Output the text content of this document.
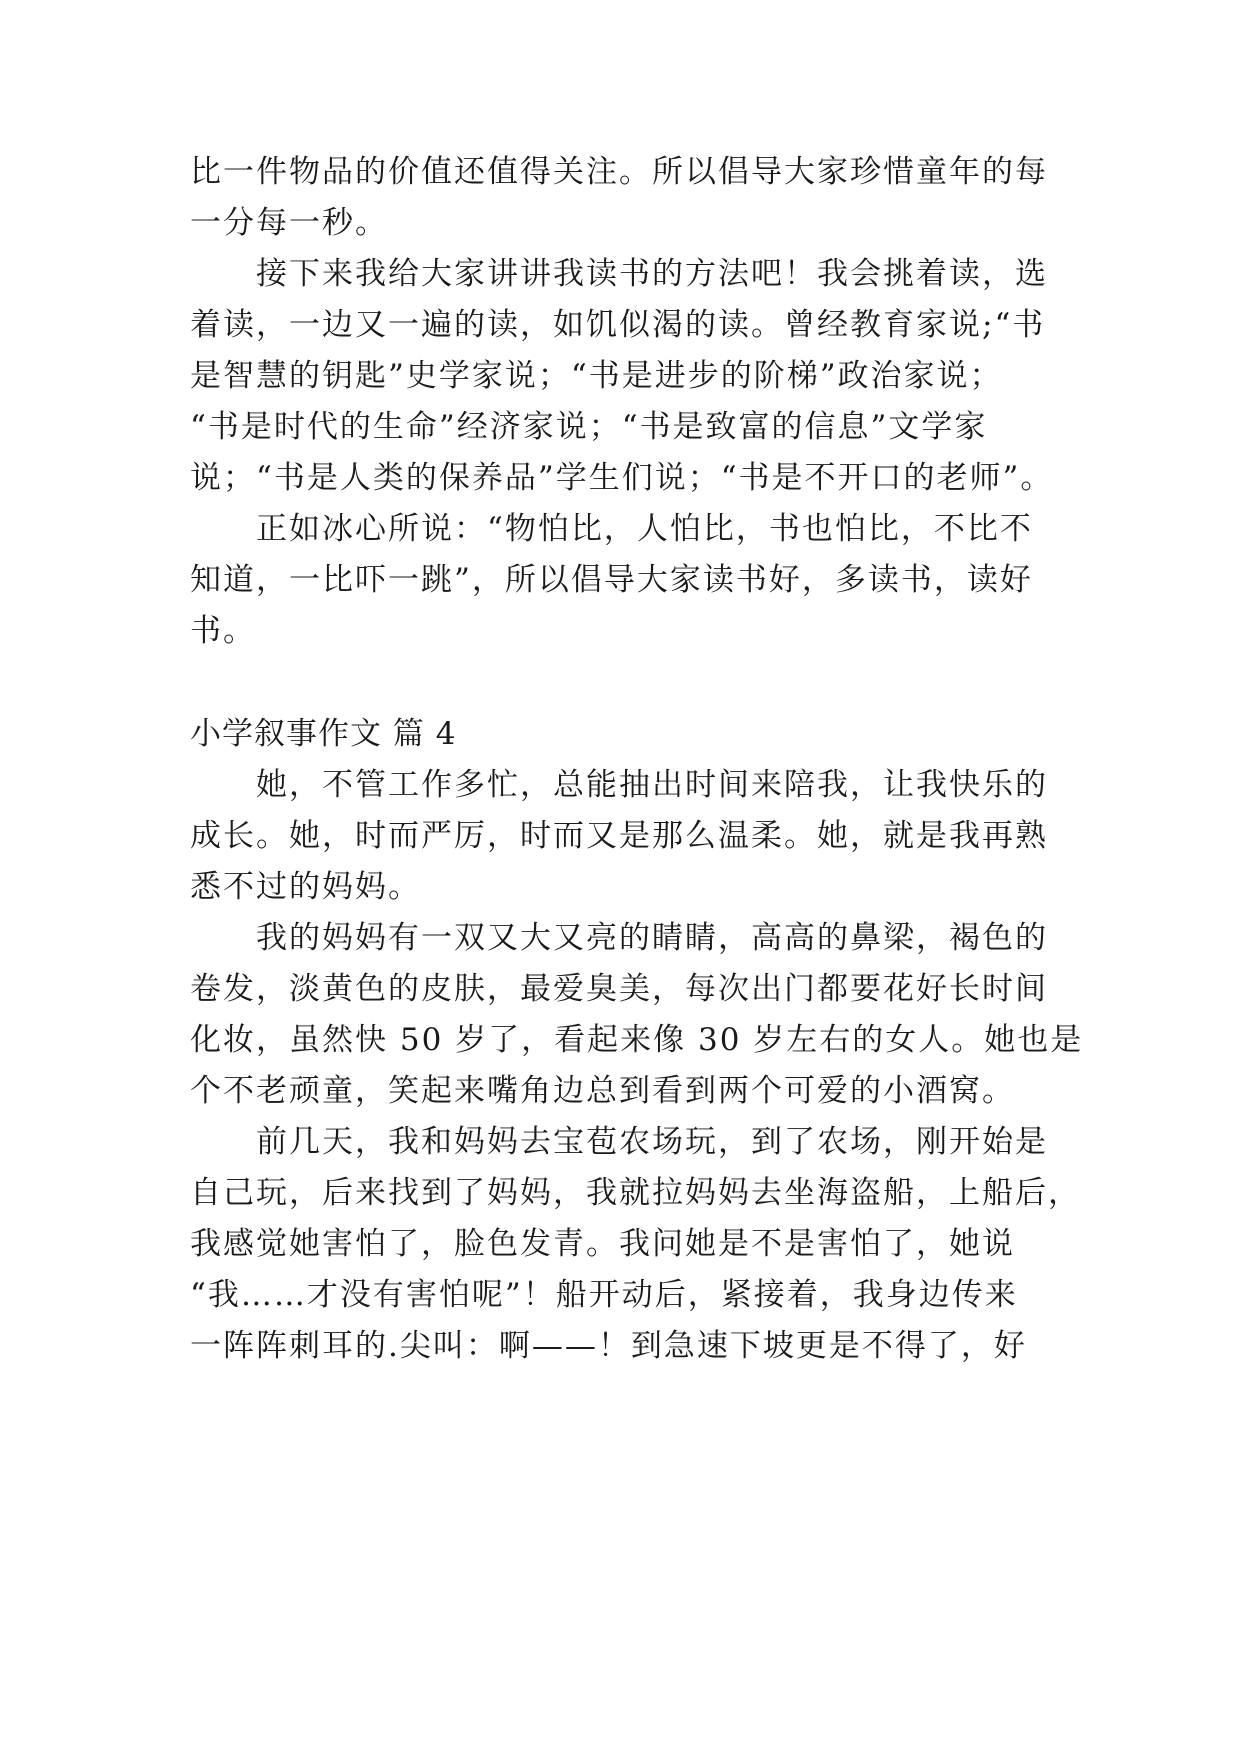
比一件物品的价值还值得关注。所以倡导大家珍惜童年的每
一分每一秒。
　　接下来我给大家讲讲我读书的方法吧！我会挑着读，选
着读，一边又一遍的读，如饥似渴的读。曾经教育家说;“书
是智慧的钥匙”史学家说；“书是进步的阶梯”政治家说；
“书是时代的生命”经济家说；“书是致富的信息”文学家
说；“书是人类的保养品”学生们说；“书是不开口的老师”。
　　正如冰心所说：“物怕比，人怕比，书也怕比，不比不
知道，一比吓一跳”，所以倡导大家读书好，多读书，读好
书。
小学叙事作文 篇 4
　　她，不管工作多忙，总能抽出时间来陪我，让我快乐的
成长。她，时而严厉，时而又是那么温柔。她，就是我再熟
悉不过的妈妈。
　　我的妈妈有一双又大又亮的睛睛，高高的鼻梁，褐色的
卷发，淡黄色的皮肤，最爱臭美，每次出门都要花好长时间
化妆，虽然快 50 岁了，看起来像 30 岁左右的女人。她也是
个不老顽童，笑起来嘴角边总到看到两个可爱的小酒窝。
　　前几天，我和妈妈去宝苞农场玩，到了农场，刚开始是
自己玩，后来找到了妈妈，我就拉妈妈去坐海盗船，上船后，
我感觉她害怕了，脸色发青。我问她是不是害怕了，她说
“我……才没有害怕呢”！船开动后，紧接着，我身边传来
一阵阵刺耳的.尖叫：啊——！到急速下坡更是不得了，好
